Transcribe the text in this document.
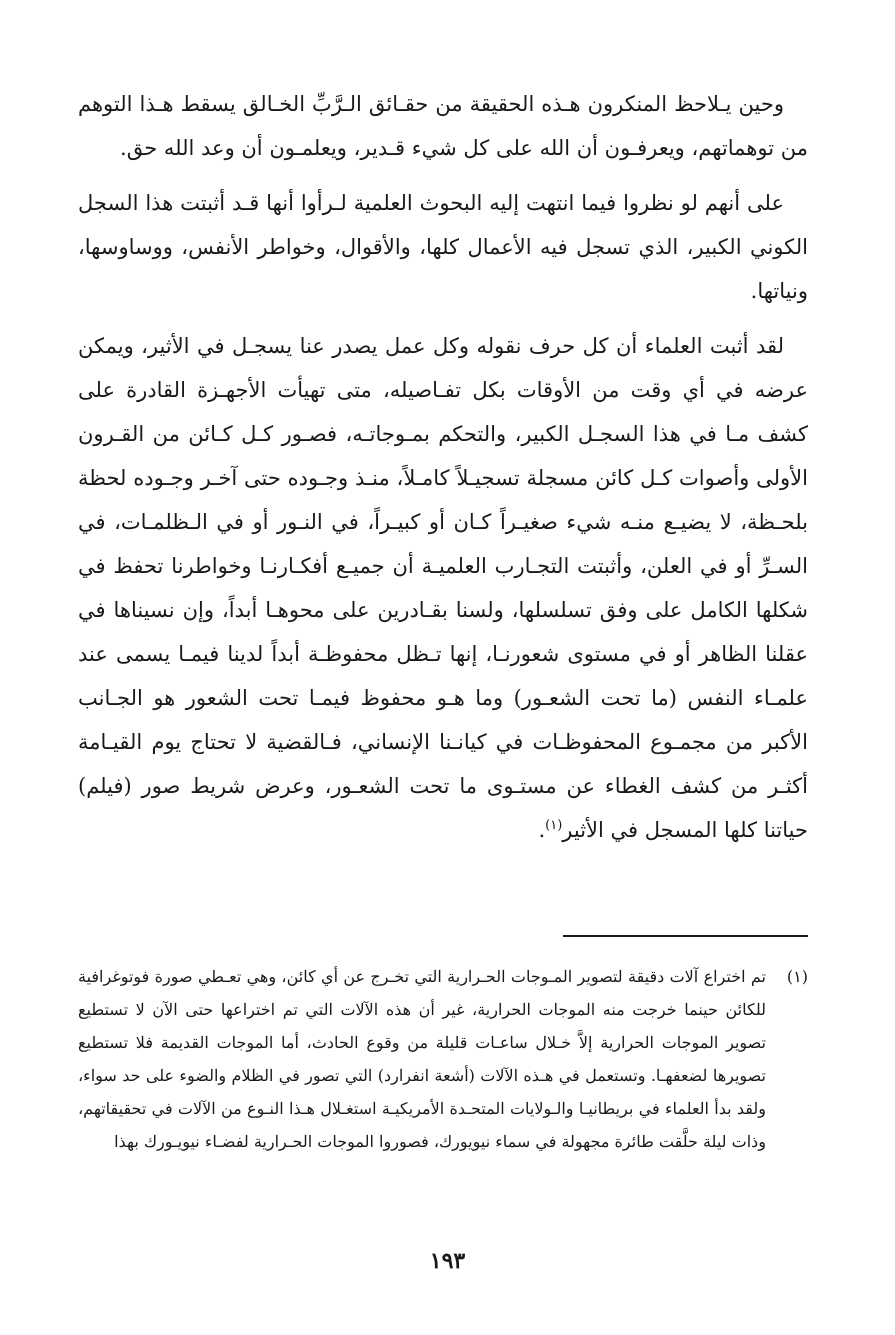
وحين يـلاحظ المنكرون هـذه الحقيقة من حقـائق الـرَّبِّ الخـالق يسقط هـذا التوهم من توهماتهم، ويعرفـون أن الله على كل شيء قـدير، ويعلمـون أن وعد الله حق.

على أنهم لو نظروا فيما انتهت إليه البحوث العلمية لـرأوا أنها قـد أثبتت هذا السجل الكوني الكبير، الذي تسجل فيه الأعمال كلها، والأقوال، وخواطر الأنفس، ووساوسها، ونياتها.

لقد أثبت العلماء أن كل حرف نقوله وكل عمل يصدر عنا يسجـل في الأثير، ويمكن عرضه في أي وقت من الأوقات بكل تفـاصيله، متى تهيأت الأجهـزة القادرة على كشف مـا في هذا السجـل الكبير، والتحكم بمـوجاتـه، فصـور كـل كـائن من القـرون الأولى وأصوات كـل كائن مسجلة تسجيـلاً كامـلاً، منـذ وجـوده حتى آخـر وجـوده لحظة بلحـظة، لا يضيـع منـه شيء صغيـراً كـان أو كبيـراً، في النـور أو في الـظلمـات، في السـرِّ أو في العلن، وأثبتت التجـارب العلميـة أن جميـع أفكـارنـا وخواطرنا تحفظ في شكلها الكامل على وفق تسلسلها، ولسنا بقـادرين على محوهـا أبداً، وإن نسيناها في عقلنا الظاهر أو في مستوى شعورنـا، إنها تـظل محفوظـة أبداً لدينا فيمـا يسمى عند علمـاء النفس (ما تحت الشعـور) وما هـو محفوظ فيمـا تحت الشعور هو الجـانب الأكبر من مجمـوع المحفوظـات في كيانـنا الإنساني، فـالقضية لا تحتاج يوم القيـامة أكثـر من كشف الغطاء عن مستـوى ما تحت الشعـور، وعرض شريط صور (فيلم) حياتنا كلها المسجل في الأثير$^{(١)}$.

(١)

تم اختراع آلات دقيقة لتصوير المـوجات الحـرارية التي تخـرج عن أي كائن، وهي تعـطي صورة فوتوغرافية للكائن حينما خرجت منه الموجات الحرارية، غير أن هذه الآلات التي تم اختراعها حتى الآن لا تستطيع تصوير الموجات الحرارية إلاَّ خـلال ساعـات قليلة من وقوع الحادث، أما الموجات القديمة فلا تستطيع تصويرها لضعفهـا. وتستعمل في هـذه الآلات (أشعة انفرارد) التي تصور في الظلام والضوء على حد سواء، ولقد بدأ العلماء في بريطانيـا والـولايات المتحـدة الأمريكيـة استغـلال هـذا النـوع من الآلات في تحقيقاتهم، وذات ليلة حلَّقت طائرة مجهولة في سماء نيويورك، فصوروا الموجات الحـرارية لفضـاء نيويـورك بهذا

١٩٣
